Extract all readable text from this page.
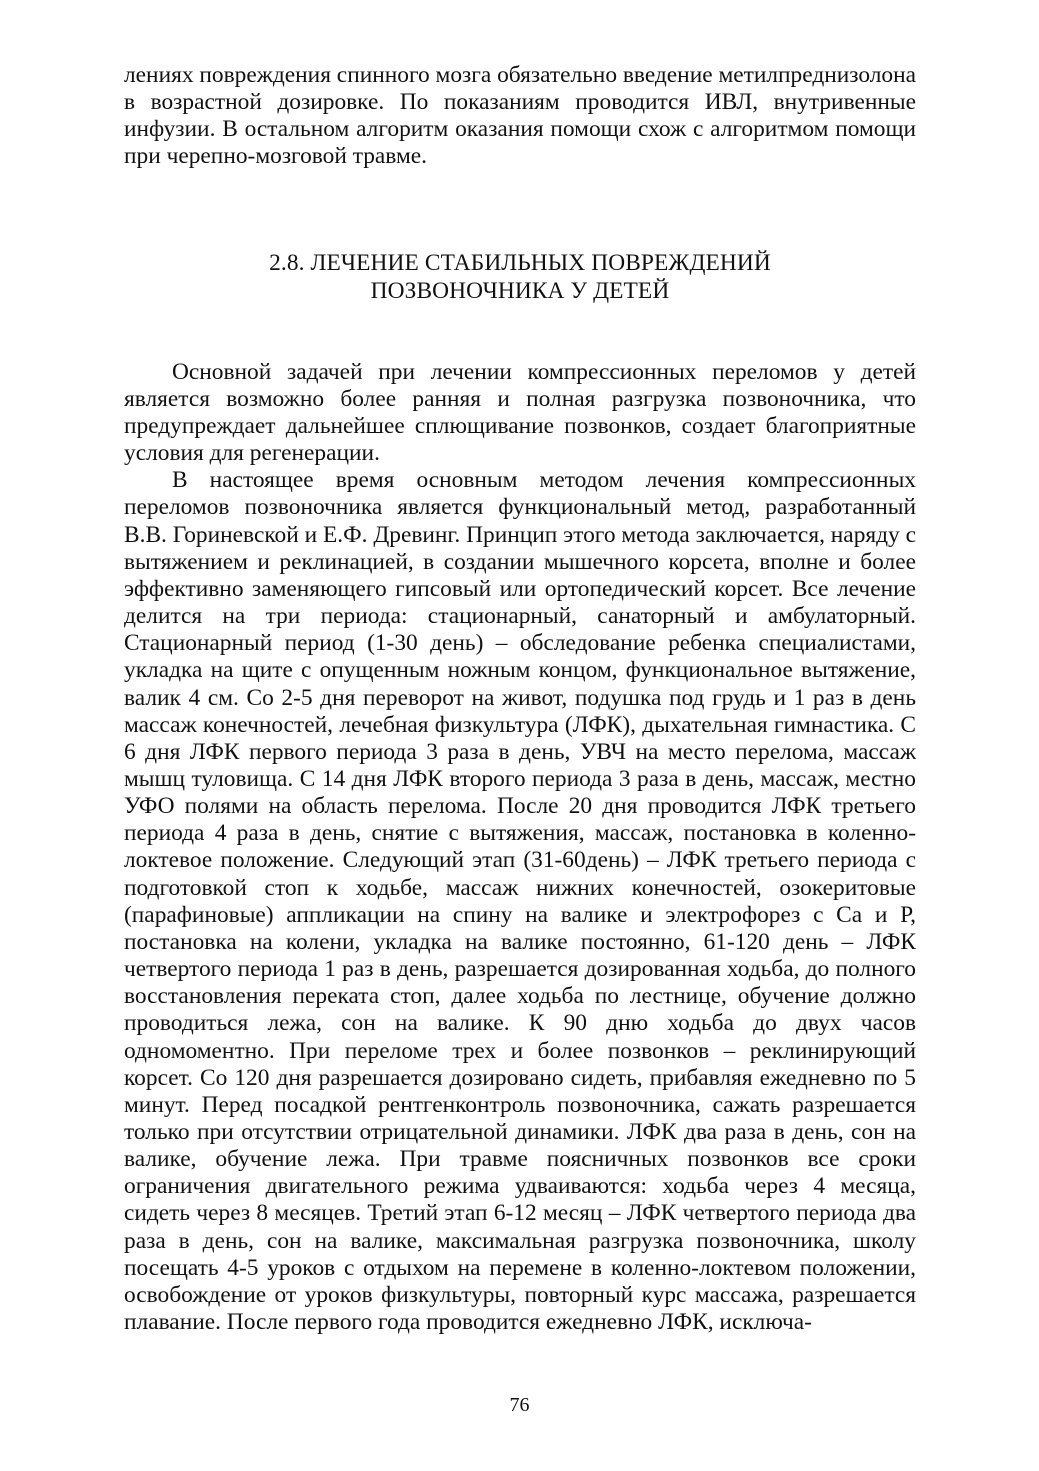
лениях повреждения спинного мозга обязательно введение метилпреднизолона в возрастной дозировке. По показаниям проводится ИВЛ, внутривенные инфузии. В остальном алгоритм оказания помощи схож с алгоритмом помощи при черепно-мозговой травме.

2.8. ЛЕЧЕНИЕ СТАБИЛЬНЫХ ПОВРЕЖДЕНИЙ
ПОЗВОНОЧНИКА У ДЕТЕЙ

Основной задачей при лечении компрессионных переломов у детей является возможно более ранняя и полная разгрузка позвоночника, что предупреждает дальнейшее сплющивание позвонков, создает благоприятные условия для регенерации.

В настоящее время основным методом лечения компрессионных переломов позвоночника является функциональный метод, разработанный В.В. Гориневской и Е.Ф. Древинг. Принцип этого метода заключается, наряду с вытяжением и реклинацией, в создании мышечного корсета, вполне и более эффективно заменяющего гипсовый или ортопедический корсет. Все лечение делится на три периода: стационарный, санаторный и амбулаторный. Стационарный период (1-30 день) – обследование ребенка специалистами, укладка на щите с опущенным ножным концом, функциональное вытяжение, валик 4 см. Со 2-5 дня переворот на живот, подушка под грудь и 1 раз в день массаж конечностей, лечебная физкультура (ЛФК), дыхательная гимнастика. С 6 дня ЛФК первого периода 3 раза в день, УВЧ на место перелома, массаж мышц туловища. С 14 дня ЛФК второго периода 3 раза в день, массаж, местно УФО полями на область перелома. После 20 дня проводится ЛФК третьего периода 4 раза в день, снятие с вытяжения, массаж, постановка в коленно-локтевое положение. Следующий этап (31-60день) – ЛФК третьего периода с подготовкой стоп к ходьбе, массаж нижних конечностей, озокеритовые (парафиновые) аппликации на спину на валике и электрофорез с Са и Р, постановка на колени, укладка на валике постоянно, 61-120 день – ЛФК четвертого периода 1 раз в день, разрешается дозированная ходьба, до полного восстановления переката стоп, далее ходьба по лестнице, обучение должно проводиться лежа, сон на валике. К 90 дню ходьба до двух часов одномоментно. При переломе трех и более позвонков – реклинирующий корсет. Со 120 дня разрешается дозировано сидеть, прибавляя ежедневно по 5 минут. Перед посадкой рентгенконтроль позвоночника, сажать разрешается только при отсутствии отрицательной динамики. ЛФК два раза в день, сон на валике, обучение лежа. При травме поясничных позвонков все сроки ограничения двигательного режима удваиваются: ходьба через 4 месяца, сидеть через 8 месяцев. Третий этап 6-12 месяц – ЛФК четвертого периода два раза в день, сон на валике, максимальная разгрузка позвоночника, школу посещать 4-5 уроков с отдыхом на перемене в коленно-локтевом положении, освобождение от уроков физкультуры, повторный курс массажа, разрешается плавание. После первого года проводится ежедневно ЛФК, исключа-

76
